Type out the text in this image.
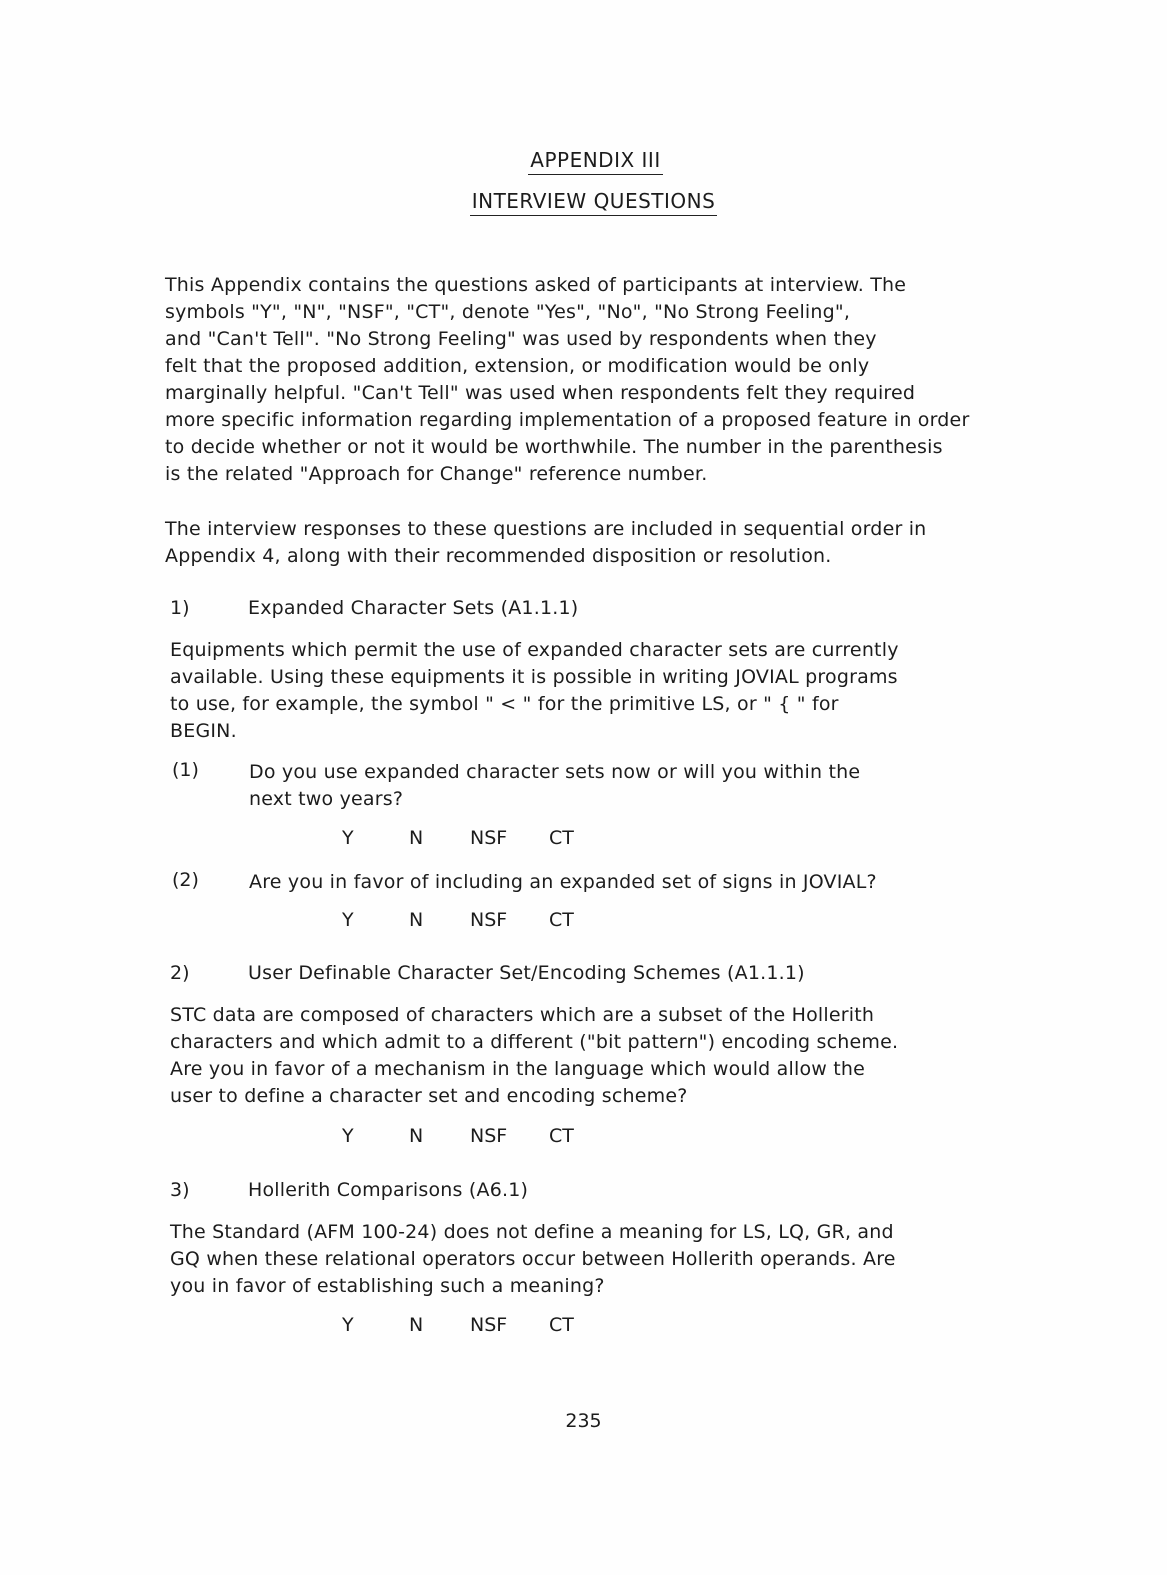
APPENDIX III
INTERVIEW QUESTIONS

This Appendix contains the questions asked of participants at interview. The
symbols "Y", "N", "NSF", "CT", denote "Yes", "No", "No Strong Feeling",
and "Can't Tell". "No Strong Feeling" was used by respondents when they
felt that the proposed addition, extension, or modification would be only
marginally helpful. "Can't Tell" was used when respondents felt they required
more specific information regarding implementation of a proposed feature in order
to decide whether or not it would be worthwhile. The number in the parenthesis
is the related "Approach for Change" reference number.

The interview responses to these questions are included in sequential order in
Appendix 4, along with their recommended disposition or resolution.

1)	Expanded Character Sets (A1.1.1)

Equipments which permit the use of expanded character sets are currently
available. Using these equipments it is possible in writing JOVIAL programs
to use, for example, the symbol " < " for the primitive LS, or " { " for
BEGIN.

(1)	Do you use expanded character sets now or will you within the
next two years?

Y	N NSF CT
(2)	Are you in favor of including an expanded set of signs in JOVIAL?

Y	N NSF CT
2)	User Definable Character Set/Encoding Schemes (A1.1.1)

STC data are composed of characters which are a subset of the Hollerith
characters and which admit to a different ("bit pattern") encoding scheme.
Are you in favor of a mechanism in the language which would allow the
user to define a character set and encoding scheme?

Y	N NSF CT
3)	Hollerith Comparisons (A6.1)

The Standard (AFM 100-24) does not define a meaning for LS, LQ, GR, and
GQ when these relational operators occur between Hollerith operands. Are
you in favor of establishing such a meaning?

Y	N NSF CT
235
